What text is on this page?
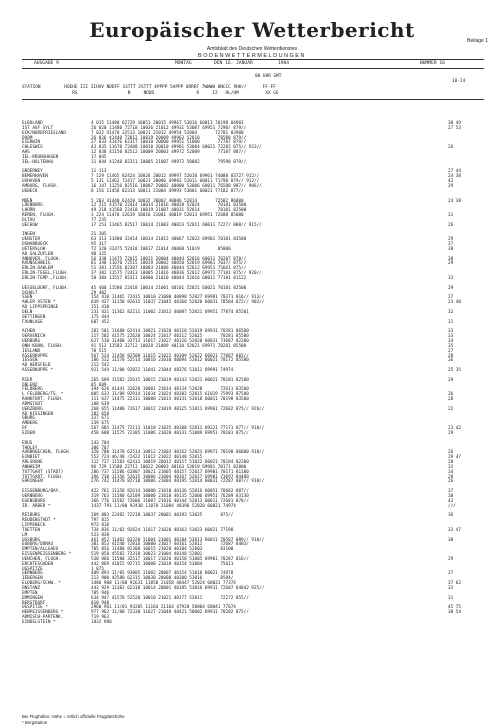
Europäischer Wetterbericht	Beilage 1
Amtsblatt des Deutschen Wetterdienstes
BODENWETTERMELDUNGEN
AUSGABE 9	MONTAG	DEN 16. JANUAR	1984	NUMMER 16
00 UHR GMT
18-24
STATION         HOEHE III IIHVV NDDFF 1STTT 2STTT 4PPPP 5APPP 6RRRT 7WWWW 8NCCC 9HH//      FF-FF
RS                   N     NDDD                R     12   HL/HM          XX GG
ELBOLAND	4 015 11480 62729 10051 20015 49967 53016 60011 70198 84903	30 49
IST AUF SYLT	26 020 11480 72718 10036 21012 49931 53007 69951 7298/ 879//	27 53
ECK/NORDFRIESLAND	7 022 41470 32513 10021 21012 49954 52004       72781 83900
DOOM	26 026 41440 72812 10019 20009 49963 52010       78588 879//
EIERWIN	27 033 41476 62317 10018 20000 49951 51000       77787 879//
CHLESWIG	43 035 11670 72408 10010 20010 49961 53004 60021 72282 875// 923//	26
AHS	12 038 41150 82512 10009 20003 49972 52009       77187 887//
IEL-KRONSHAGEN	17 045
IEL-HOLTENAU	31 044 41240 82311 10005 21007 49972 50002       79598 879//
GROERNEY	11 113	27 44
BEMERHAVEN	7 129 11465 82424 10026 20012 49997 52010 69961 74088 83727 912//	24 38
UXHAVEN	5 131 11462 72417 10021 20006 49983 52011 60011 71798 879// 912//	42
AMBURG, FLUGH.	16 147 11256 82516 10007 20002 40000 53006 60011 76588 887// 906//	29
UEBECK	8 156 11456 82313 10011 21004 49993 53001 60021 77182 877//
MDEN	5 203 41440 62420 10032 20002 40006 52014       72582 86800	24 38
LDENBURG	12 215 41570 22414 10014 21016 40028 52024       70181 83500
LHORN	49 218 41560 22418 10019 21007 40031 52014       70181 82500
REMEN, FLUGH.	3 224 11470 32619 10016 21001 40019 52013 69951 72688 85800	31
OLTAU	77 235
UECHOW	17 253 11465 82517 10014 21003 40023 52011 60011 7227/ 888// 915//	26
INGEN	21 305
UENSTER	63 313 11480 32414 10014 21012 40067 52022 69901 70181 83500	29
OSNABRUECK	95 317	37
UETERSLOH	72 320 32475 52418 10017 21014 40068 51019       85800	38
AD SALZUFLEN	98 325
ANNOVER, FLUGH.	56 338 11475 72615 10011 20004 40044 52016 60011 70287 878//	30
RAUNSCHWEIG	81 348 11670 72515 10019 20002 40050 52019 69961 7037/ 875//	29
ERLIN-DAHLEM	51 381 11556 82307 10003 21006 40044 52012 69951 75661 875//
ERLIN-TEGEL,FLUGH.	37 382 11575 72413 10005 21016 40036 52012 69971 77181 875// 920//
ERLIN-TEMP.,FLUGH.	50 384 11557 82311 10000 21010 40044 52016 60011 77181 81122	33
UESSELDORF, FLUGH.	45 400 11580 22418 10014 21001 40101 52021 60021 70181 82500	29
OCHOLT	29 402
SSEN	154 410 11465 72415 10010 21008 40098 52027 69981 70371 816// 913//	27
AHLER ASTEN *	839 427 11158 82615 11037 21045 48360 52020 60031 78584 872// 902//	23 40
AD LIPPSPRINGE	151 430
OELN	231 431 11362 82211 11002 21012 40087 52021 69951 77874 85501	32
OETTINGEN	175 444
FAUNLAGE	607 452	31
ACHEN	202 501 11680 62414 10021 21020 40118 52019 69931 70281 86500	33
OERVENICH	117 502 41575 22620 10024 21017 40112 52025       70281 85500	33
UERBURG	627 510 11480 32713 11017 21027 40126 52020 60031 73687 82200	34
ONN-KOHN, FLUGH.	91 513 11582 32712 10028 21009 40110 52021 69971 70281 85500	35
IESLAND	70 515	27
ASSERKUPPE	567 534 11458 82508 11015 21022 40109 52022 60021 77087 883//	28
IESSEN	186 532 11570 52514 10010 21010 40094 52012 60021 70172 85500	26
AD HERSFELD	212 542
ASSERKUPPE *	921 544 11/00 92822 11041 21044 48376 51011 69991 74974	25 35
RIER	265 609 11582 22615 10015 21019 40143 52021 60021 70181 82500	29
OBLENZ	85 609
FELDBERG	394 626 41441 32620 10001 21014 40134 52020       72611 83500
L FELDBERG/TS. *	805 633 11/09 92914 11034 21024 48382 52015 61019 75993 87500	26
RANKFURT, FLUGH.	111 637 11475 22311 10008 21015 40131 52018 60011 70198 83500	28
ARMSTADT	108 639
UERZBURG	268 655 11480 72617 10012 21019 40125 51011 69961 72682 875// 926//	22
AD KISSINGEN	282 658
OBURG	337 671
AMBERG	239 675
OF	567 685 11475 72113 11018 21035 40108 52011 69221 77171 877// 910//	23 42
EIDEN	458 688 11575 72305 11006 21020 40131 51009 69951 70181 875//	29
ERUS	243 704
THOLEY	386 707
AARBRUECKEN, FLUGH.	320 708 11470 62514 10012 21003 40162 52023 69971 70198 86800 918//	26
EINBIET	553 724 46/40 /2422 11012 21022 40140 52015	29 47
ARLSRUHE	112 727 11583 62413 10019 20012 40157 51022 60021 70184 82200	28
ANNHEIM	96 729 11580 22713 10022 20003 40163 53019 69901 70171 82800	33
TUTTGART (STADT)	286 737 11586 62807 10021 21005 40157 52017 69901 70171 81100	34
TUTTGART, FLUGH.	396 738 11356 52615 10006 21004 40167 52017 69901 73697 84400	28
EHRINGEN	276 742 11470 82710 10006 21004 40195 52014 60031 72287 887// 910//	26
EISSENBURG/BAY.	422 761 11358 82614 10000 21010 40136 52016 60051 78682 887//	37
UERNBERG	319 763 11580 62109 10000 21018 40135 52006 69951 76289 83130	38
EGENSBURG	366 776 11582 72606 11007 21016 40144 52013 60011 72681 878//	42
IR. ARBER *	1437 791 11/00 92430 11078 21084 48396 52020 60021 74974	///
REIBURG	269 803 22482 72218 10037 20001 40193 53025       875//	36
REUDENSTADT *	797 815
LIPPENECK	973 818
TOETTEN	734 836 11/02 92624 11017 21020 40163 53023 60021 77198	33 47
LM	523 838
UGSBURG	461 852 11402 83320 11004 21001 40184 53013 60011 70587 889// 910//	30
EUBURG/DONAU	381 853 41540 72816 10000 21027 40161 52011       72687 8483/
EMPTEN/ALLGAEU	705 856 11480 82308 10015 21020 40184 52003       83100
EISSENPEISSENBERG *	519 858 45582 72318 10023 21004 40148 52001
UENCHEN, FLUGH.	530 866 11580 32517 10017 21026 40150 51005 69901 70287 816//	29
ERCHTESGADEN	442 869 41015 92715 10000 21018 40154 53004       75611
UGSPITZE	1 875
UERNBERG	409 893 11/05 93005 11002 20007 40154 51016 60021 74978	27
IEBERGEN	213 900 42580 62315 10030 20000 40200 53016       8584/
ELDBERG/SCHW. *	1486 908 11/00 92631 11058 21058 48447 52024 60031 77374	37 62
ONSTANZ	443 929 11382 62310 10014 20001 40185 53016 69931 72687 84842 925//	33
EMPTEN	705 946
EMMINGEN	634 947 41570 52520 10010 21021 40177 52011       72272 855//	31
BERSTDORF	810 948
UGSPITZE *	2960 961 11/01 93205 11164 21164 47920 50004 60041 77074	45 75
HENPEISSENBERG *	977 962 11/00 72330 11027 21048 48421 50002 69931 70282 875//	30 54
ARMISCH-PARTENK.	719 963
EINDELSTEIN *	1832 980
Bei Flughäfen: Höhe = örtlich offizielle Flugplatzhöhe
* Bergstation
